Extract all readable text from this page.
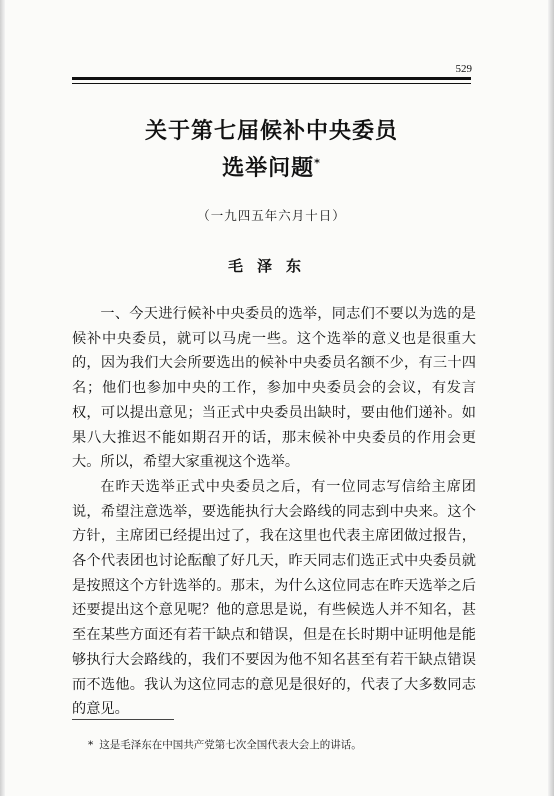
529
关于第七届候补中央委员
选举问题*
（一九四五年六月十日）
毛泽东

一、今天进行候补中央委员的选举，同志们不要以为选的是候补中央委员，就可以马虎一些。这个选举的意义也是很重大的，因为我们大会所要选出的候补中央委员名额不少，有三十四名；他们也参加中央的工作，参加中央委员会的会议，有发言权，可以提出意见；当正式中央委员出缺时，要由他们递补。如果八大推迟不能如期召开的话，那末候补中央委员的作用会更大。所以，希望大家重视这个选举。

在昨天选举正式中央委员之后，有一位同志写信给主席团说，希望注意选举，要选能执行大会路线的同志到中央来。这个方针，主席团已经提出过了，我在这里也代表主席团做过报告，各个代表团也讨论酝酿了好几天，昨天同志们选正式中央委员就是按照这个方针选举的。那末，为什么这位同志在昨天选举之后还要提出这个意见呢？他的意思是说，有些候选人并不知名，甚至在某些方面还有若干缺点和错误，但是在长时期中证明他是能够执行大会路线的，我们不要因为他不知名甚至有若干缺点错误而不选他。我认为这位同志的意见是很好的，代表了大多数同志的意见。

* 这是毛泽东在中国共产党第七次全国代表大会上的讲话。
